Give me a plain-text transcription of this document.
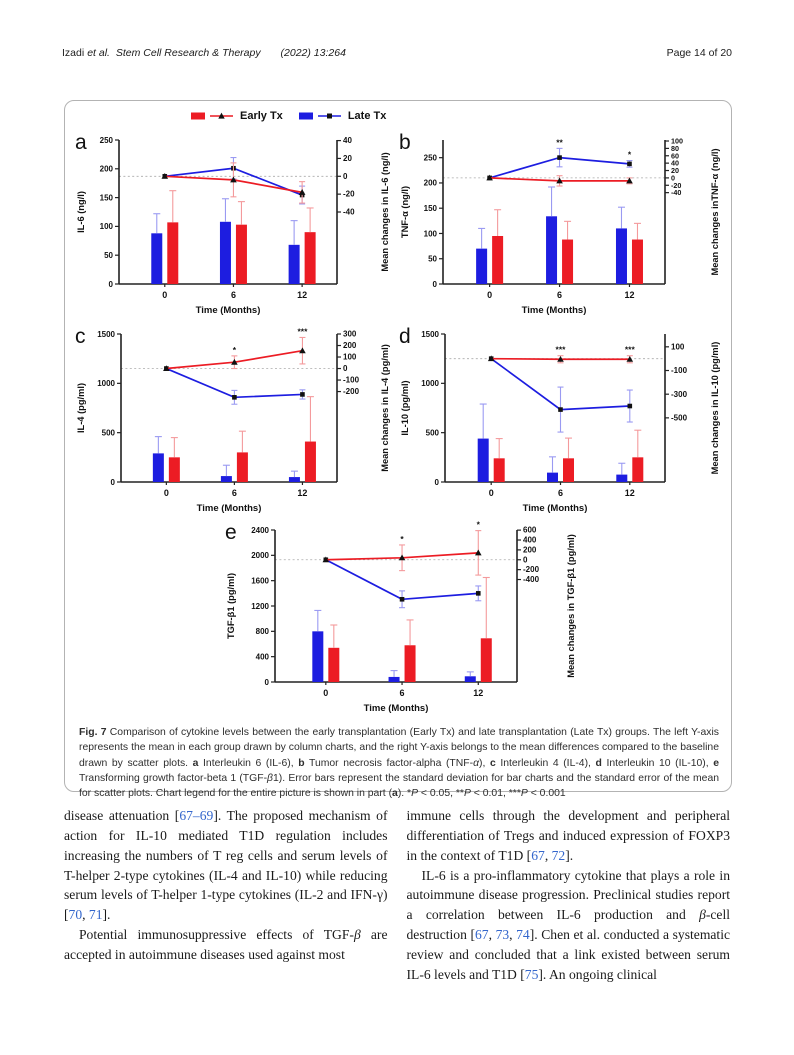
Izadi et al. Stem Cell Research & Therapy (2022) 13:264	Page 14 of 20
Early Tx	Late Tx
a
0
50
100
150
200
250	40
20
0
-20
-40
IL-6 (ng/l)	Mean changes in IL-6 (ng/l)
0	6	12
Time (Months)
b
0
50
100
150
200
250
100
80
60
40
20
0
-20
-40
TNF-α (ng/l)	Mean changes inTNF-α (ng/l)
0	6	12
Time (Months)
**
*
c
0
500
1000
1500	300
200
100
0
-100
-200
IL-4 (pg/ml)	Mean changes in IL-4 (pg/ml)
0	6	12
Time (Months)
*
***	d
0
500
1000
1500
100
-100
-300
-500
IL-10 (pg/ml)	Mean changes in IL-10 (pg/ml)
0	6	12
Time (Months)
***	***
e
0
400
800
1200
1600
2000
2400	600
400
200
0
-200
-400
TGF-β1 (pg/ml)	Mean changes in TGF-β1 (pg/ml)
0	6	12
Time (Months)
*
*

Fig. 7 Comparison of cytokine levels between the early transplantation (Early Tx) and late transplantation (Late Tx) groups. The left Y-axis represents the mean in each group drawn by column charts, and the right Y-axis belongs to the mean differences compared to the baseline drawn by scatter plots. a Interleukin 6 (IL-6), b Tumor necrosis factor-alpha (TNF-α), c Interleukin 4 (IL-4), d Interleukin 10 (IL-10), e Transforming growth factor-beta 1 (TGF-β1). Error bars represent the standard deviation for bar charts and the standard error of the mean for scatter plots. Chart legend for the entire picture is shown in part (a). *P < 0.05, **P < 0.01, ***P < 0.001

disease attenuation [67–69]. The proposed mechanism of action for IL-10 mediated T1D regulation includes increasing the numbers of T reg cells and serum levels of T-helper 2-type cytokines (IL-4 and IL-10) while reducing serum levels of T-helper 1-type cytokines (IL-2 and IFN-γ) [70, 71].

Potential immunosuppressive effects of TGF-β are accepted in autoimmune diseases used against most

immune cells through the development and peripheral differentiation of Tregs and induced expression of FOXP3 in the context of T1D [67, 72].

IL-6 is a pro-inflammatory cytokine that plays a role in autoimmune disease progression. Preclinical studies report a correlation between IL-6 production and β-cell destruction [67, 73, 74]. Chen et al. conducted a systematic review and concluded that a link existed between serum IL-6 levels and T1D [75]. An ongoing clinical
